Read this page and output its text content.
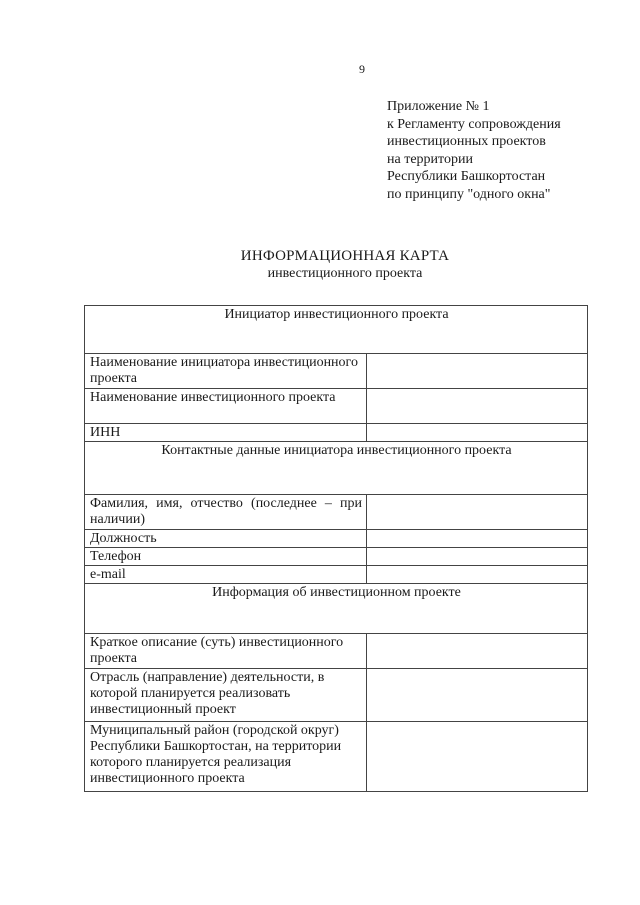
9
Приложение № 1
к Регламенту сопровождения
инвестиционных проектов
на территории
Республики Башкортостан
по принципу "одного окна"
ИНФОРМАЦИОННАЯ КАРТА
инвестиционного проекта
Инициатор инвестиционного проекта	
Наименование инициатора инвестиционного проекта	
Наименование инвестиционного проекта	
ИНН	
Контактные данные инициатора инвестиционного проекта	
Фамилия, имя, отчество (последнее – при наличии)	
Должность	
Телефон	
e-mail	
Информация об инвестиционном проекте	
Краткое описание (суть) инвестиционного проекта	
Отрасль (направление) деятельности, в которой планируется реализовать инвестиционный проект	
Муниципальный район (городской округ) Республики Башкортостан, на территории которого планируется реализация инвестиционного проекта	
